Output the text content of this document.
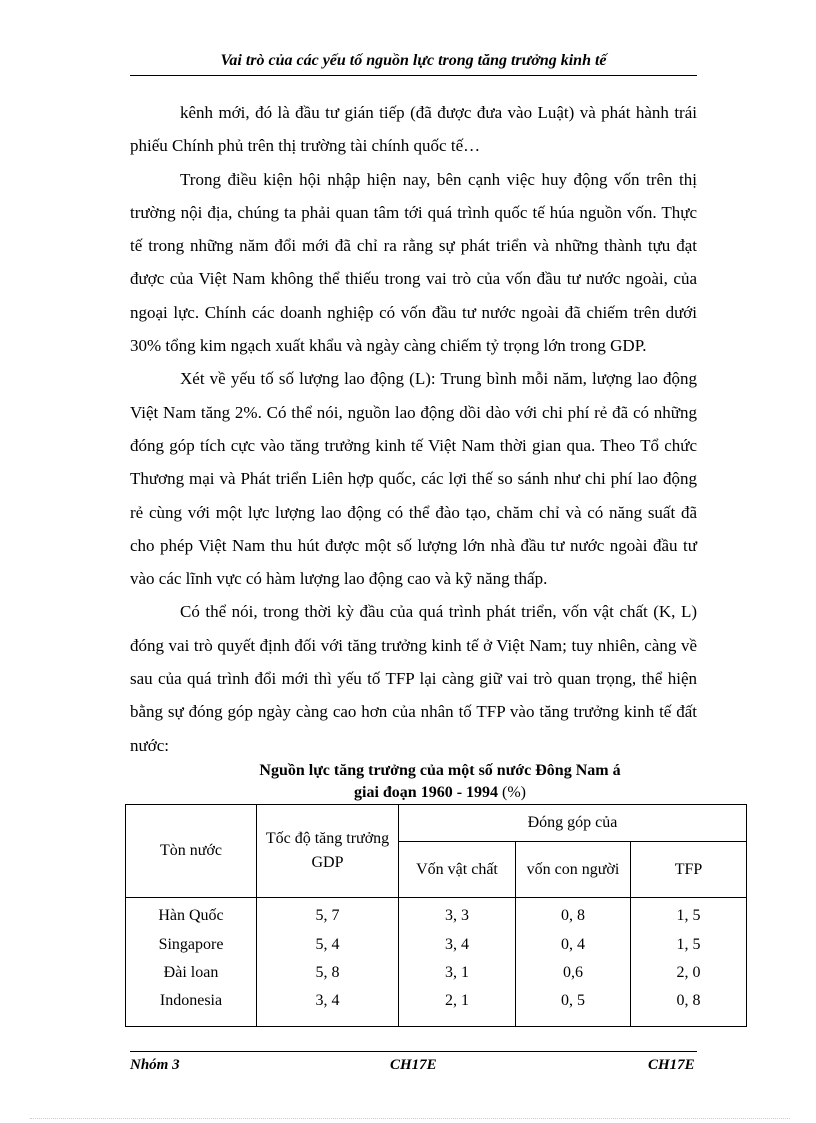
Vai trò của các yếu tố nguồn lực trong tăng trưởng kinh tế

kênh mới, đó là đầu tư gián tiếp (đã được đưa vào Luật) và phát hành trái phiếu Chính phủ trên thị trường tài chính quốc tế…

Trong điều kiện hội nhập hiện nay, bên cạnh việc huy động vốn trên thị trường nội địa, chúng ta phải quan tâm tới quá trình quốc tế húa nguồn vốn. Thực tế trong những năm đổi mới đã chỉ ra rằng sự phát triển và những thành tựu đạt được của Việt Nam không thể thiếu trong vai trò của vốn đầu tư nước ngoài, của ngoại lực. Chính các doanh nghiệp có vốn đầu tư nước ngoài đã chiếm trên dưới 30% tổng kim ngạch xuất khẩu và ngày càng chiếm tỷ trọng lớn trong GDP.

Xét về yếu tố số lượng lao động (L): Trung bình mỗi năm, lượng lao động Việt Nam tăng 2%. Có thể nói, nguồn lao động dồi dào với chi phí rẻ đã có những đóng góp tích cực vào tăng trưởng kinh tế Việt Nam thời gian qua. Theo Tổ chức Thương mại và Phát triển Liên hợp quốc, các lợi thế so sánh như chi phí lao động rẻ cùng với một lực lượng lao động có thể đào tạo, chăm chỉ và có năng suất đã cho phép Việt Nam thu hút được một số lượng lớn nhà đầu tư nước ngoài đầu tư vào các lĩnh vực có hàm lượng lao động cao và kỹ năng thấp.

Có thể nói, trong thời kỳ đầu của quá trình phát triển, vốn vật chất (K, L) đóng vai trò quyết định đối với tăng trưởng kinh tế ở Việt Nam; tuy nhiên, càng về sau của quá trình đổi mới thì yếu tố TFP lại càng giữ vai trò quan trọng, thể hiện bằng sự đóng góp ngày càng cao hơn của nhân tố TFP vào tăng trưởng kinh tế đất nước:

Nguồn lực tăng trưởng của một số nước Đông Nam á
giai đoạn 1960 - 1994 (%)
Tòn nước	Tốc độ tăng trưởng GDP	Đóng góp của		
		Vốn vật chất	vốn con người	TFP
Hàn Quốc	5, 7	3, 3	0, 8	1, 5
Singapore	5, 4	3, 4	0, 4	1, 5
Đài loan	5, 8	3, 1	0,6	2, 0
Indonesia	3, 4	2, 1	0, 5	0, 8
Nhóm 3	CH17E	CH17E
